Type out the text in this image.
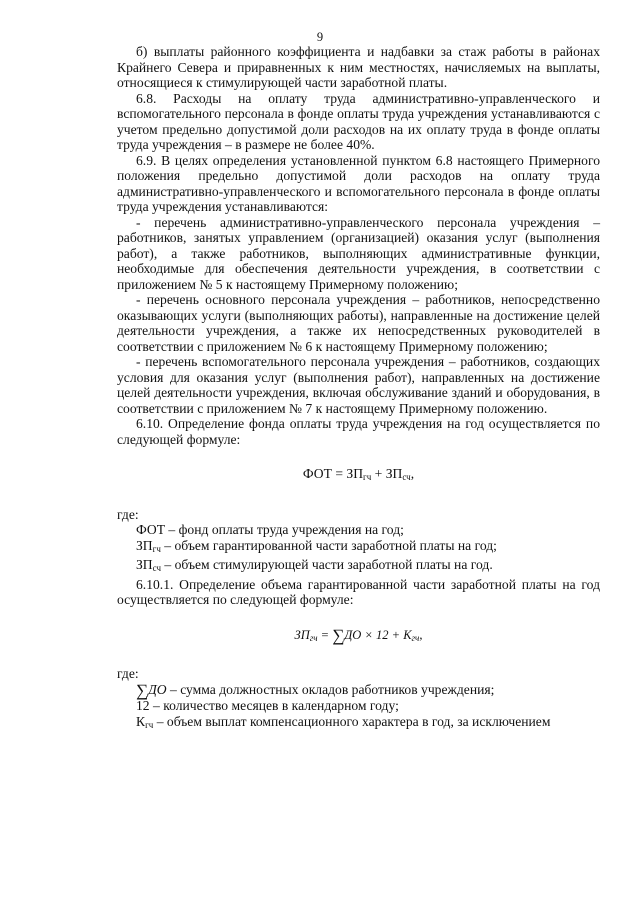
9

б) выплаты районного коэффициента и надбавки за стаж работы в районах Крайнего Севера и приравненных к ним местностях, начисляемых на выплаты, относящиеся к стимулирующей части заработной платы.

6.8. Расходы на оплату труда административно-управленческого и вспомогательного персонала в фонде оплаты труда учреждения устанавливаются с учетом предельно допустимой доли расходов на их оплату труда в фонде оплаты труда учреждения – в размере не более 40%.

6.9. В целях определения установленной пунктом 6.8 настоящего Примерного положения предельно допустимой доли расходов на оплату труда административно-управленческого и вспомогательного персонала в фонде оплаты труда учреждения устанавливаются:

- перечень административно-управленческого персонала учреждения – работников, занятых управлением (организацией) оказания услуг (выполнения работ), а также работников, выполняющих административные функции, необходимые для обеспечения деятельности учреждения, в соответствии с приложением № 5 к настоящему Примерному положению;

- перечень основного персонала учреждения – работников, непосредственно оказывающих услуги (выполняющих работы), направленные на достижение целей деятельности учреждения, а также их непосредственных руководителей в соответствии с приложением № 6 к настоящему Примерному положению;

- перечень вспомогательного персонала учреждения – работников, создающих условия для оказания услуг (выполнения работ), направленных на достижение целей деятельности учреждения, включая обслуживание зданий и оборудования, в соответствии с приложением № 7 к настоящему Примерному положению.

6.10. Определение фонда оплаты труда учреждения на год осуществляется по следующей формуле:

ФОТ = $ЗП_{гч} + ЗП_{сч}$,

где:

ФОТ – фонд оплаты труда учреждения на год;

$ЗП_{гч}$ – объем гарантированной части заработной платы на год;

$ЗП_{сч}$ – объем стимулирующей части заработной платы на год.

6.10.1. Определение объема гарантированной части заработной платы на год осуществляется по следующей формуле:

$ЗП_{гч} = \sum ДО \times 12 + K_{гч}$,

где:

∑ДО – сумма должностных окладов работников учреждения;

12 – количество месяцев в календарном году;

$К_{гч}$ – объем выплат компенсационного характера в год, за исключением
